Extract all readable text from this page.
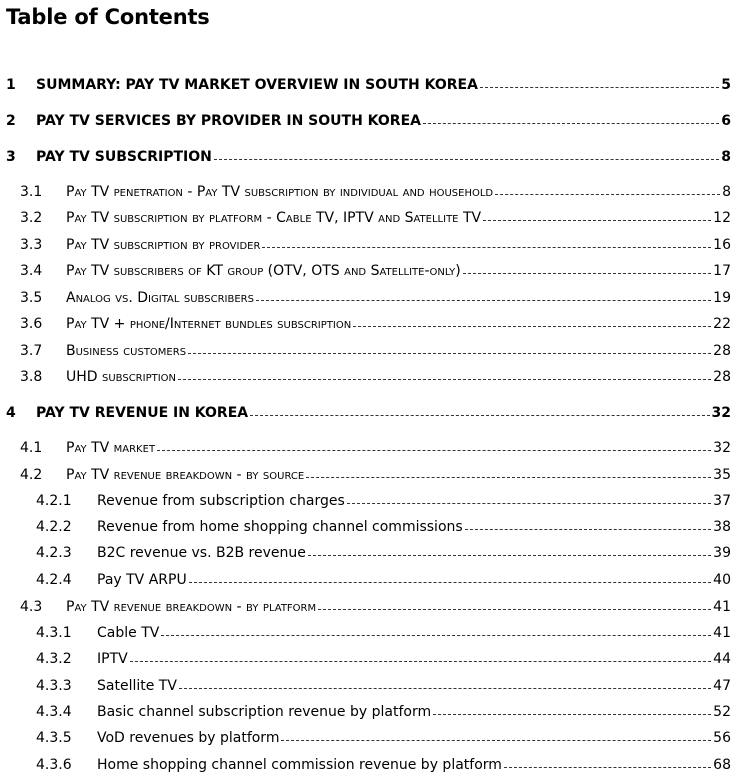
Table of Contents
1	SUMMARY: PAY TV MARKET OVERVIEW IN SOUTH KOREA	5
2	PAY TV SERVICES BY PROVIDER IN SOUTH KOREA	6
3	PAY TV SUBSCRIPTION	8
3.1	Pay TV penetration - Pay TV subscription by individual and household	8
3.2	Pay TV subscription by platform - Cable TV, IPTV and Satellite TV	12
3.3	Pay TV subscription by provider	16
3.4	Pay TV subscribers of KT group (OTV, OTS and Satellite-only)	17
3.5	Analog vs. Digital subscribers	19
3.6	Pay TV + phone/Internet bundles subscription	22
3.7	Business customers	28
3.8	UHD subscription	28
4	PAY TV REVENUE IN KOREA	32
4.1	Pay TV market	32
4.2	Pay TV revenue breakdown - by source	35
4.2.1	Revenue from subscription charges	37
4.2.2	Revenue from home shopping channel commissions	38
4.2.3	B2C revenue vs. B2B revenue	39
4.2.4	Pay TV ARPU	40
4.3	Pay TV revenue breakdown - by platform	41
4.3.1	Cable TV	41
4.3.2	IPTV	44
4.3.3	Satellite TV	47
4.3.4	Basic channel subscription revenue by platform	52
4.3.5	VoD revenues by platform	56
4.3.6	Home shopping channel commission revenue by platform	68
